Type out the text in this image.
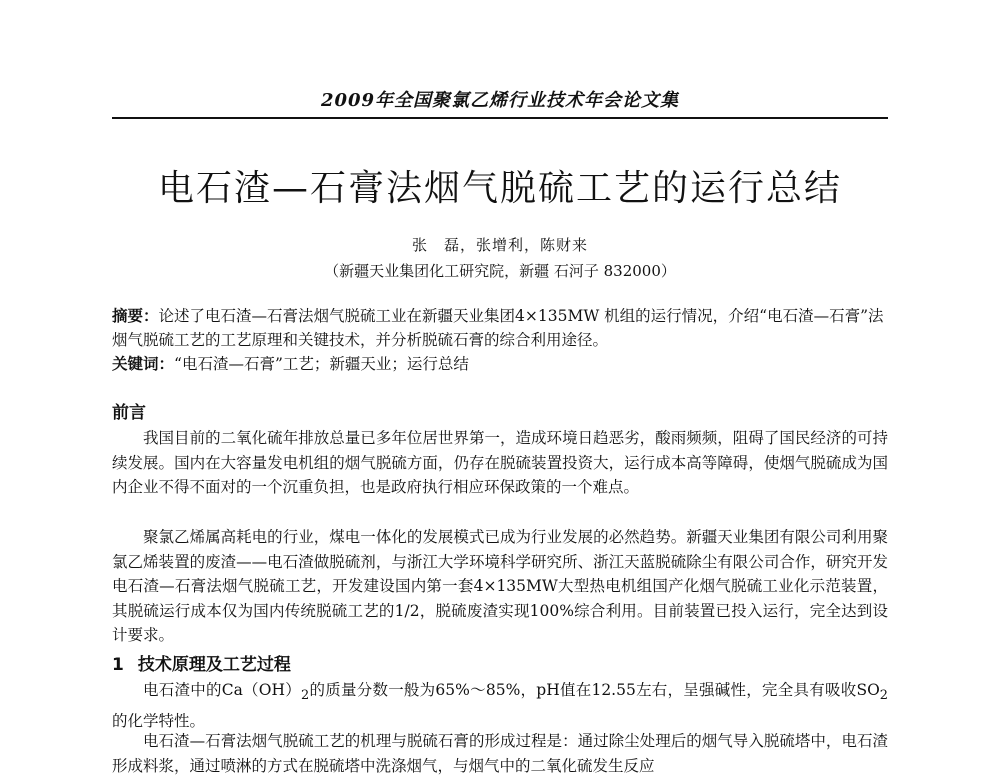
2009年全国聚氯乙烯行业技术年会论文集
电石渣—石膏法烟气脱硫工艺的运行总结
张　磊，张增利，陈财来
（新疆天业集团化工研究院，新疆 石河子 832000）
摘要：论述了电石渣—石膏法烟气脱硫工业在新疆天业集团4×135MW 机组的运行情况，介绍“电石渣—石膏”法烟气脱硫工艺的工艺原理和关键技术，并分析脱硫石膏的综合利用途径。
关键词：“电石渣—石膏”工艺；新疆天业；运行总结
前言
我国目前的二氧化硫年排放总量已多年位居世界第一，造成环境日趋恶劣，酸雨频频，阻碍了国民经济的可持续发展。国内在大容量发电机组的烟气脱硫方面，仍存在脱硫装置投资大，运行成本高等障碍，使烟气脱硫成为国内企业不得不面对的一个沉重负担，也是政府执行相应环保政策的一个难点。
聚氯乙烯属高耗电的行业，煤电一体化的发展模式已成为行业发展的必然趋势。新疆天业集团有限公司利用聚氯乙烯装置的废渣——电石渣做脱硫剂，与浙江大学环境科学研究所、浙江天蓝脱硫除尘有限公司合作，研究开发电石渣—石膏法烟气脱硫工艺，开发建设国内第一套4×135MW大型热电机组国产化烟气脱硫工业化示范装置，其脱硫运行成本仅为国内传统脱硫工艺的1/2，脱硫废渣实现100%综合利用。目前装置已投入运行，完全达到设计要求。
1 技术原理及工艺过程
电石渣中的$Ca(OH)_2$的质量分数一般为65%～85%，pH值在12.55左右，呈强碱性，完全具有吸收$SO_2$的化学特性。
电石渣—石膏法烟气脱硫工艺的机理与脱硫石膏的形成过程是：通过除尘处理后的烟气导入脱硫塔中，电石渣形成料浆，通过喷淋的方式在脱硫塔中洗涤烟气，与烟气中的二氧化硫发生反应
